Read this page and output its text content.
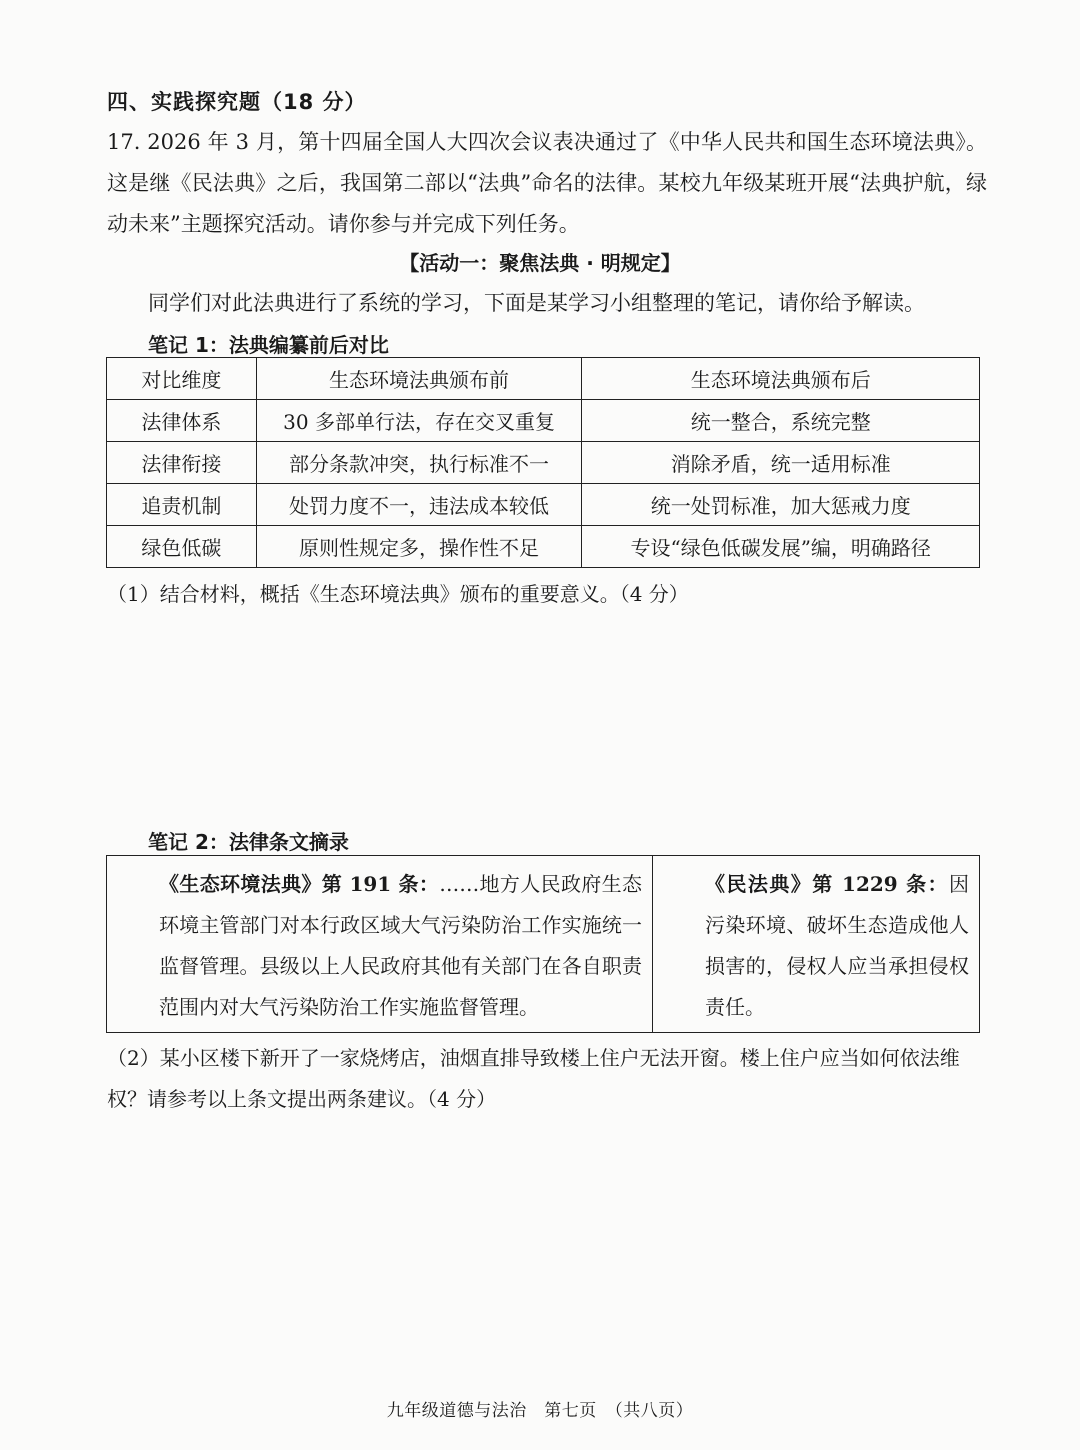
四、实践探究题（18 分）

17. 2026 年 3 月，第十四届全国人大四次会议表决通过了《中华人民共和国生态环境法典》。这是继《民法典》之后，我国第二部以“法典”命名的法律。某校九年级某班开展“法典护航，绿动未来”主题探究活动。请你参与并完成下列任务。

【活动一：聚焦法典 · 明规定】
同学们对此法典进行了系统的学习，下面是某学习小组整理的笔记，请你给予解读。
笔记 1：法典编纂前后对比
对比维度	生态环境法典颁布前	生态环境法典颁布后
法律体系	30 多部单行法，存在交叉重复	统一整合，系统完整
法律衔接	部分条款冲突，执行标准不一	消除矛盾，统一适用标准
追责机制	处罚力度不一，违法成本较低	统一处罚标准，加大惩戒力度
绿色低碳	原则性规定多，操作性不足	专设“绿色低碳发展”编，明确路径

（1）结合材料，概括《生态环境法典》颁布的重要意义。（4 分）

笔记 2：法律条文摘录
《生态环境法典》第 191 条：……地方人民政府生态环境主管部门对本行政区域大气污染防治工作实施统一监督管理。县级以上人民政府其他有关部门在各自职责范围内对大气污染防治工作实施监督管理。
《民法典》第 1229 条：因污染环境、破坏生态造成他人损害的，侵权人应当承担侵权责任。

（2）某小区楼下新开了一家烧烤店，油烟直排导致楼上住户无法开窗。楼上住户应当如何依法维权？请参考以上条文提出两条建议。（4 分）

九年级道德与法治　第七页　（共八页）
